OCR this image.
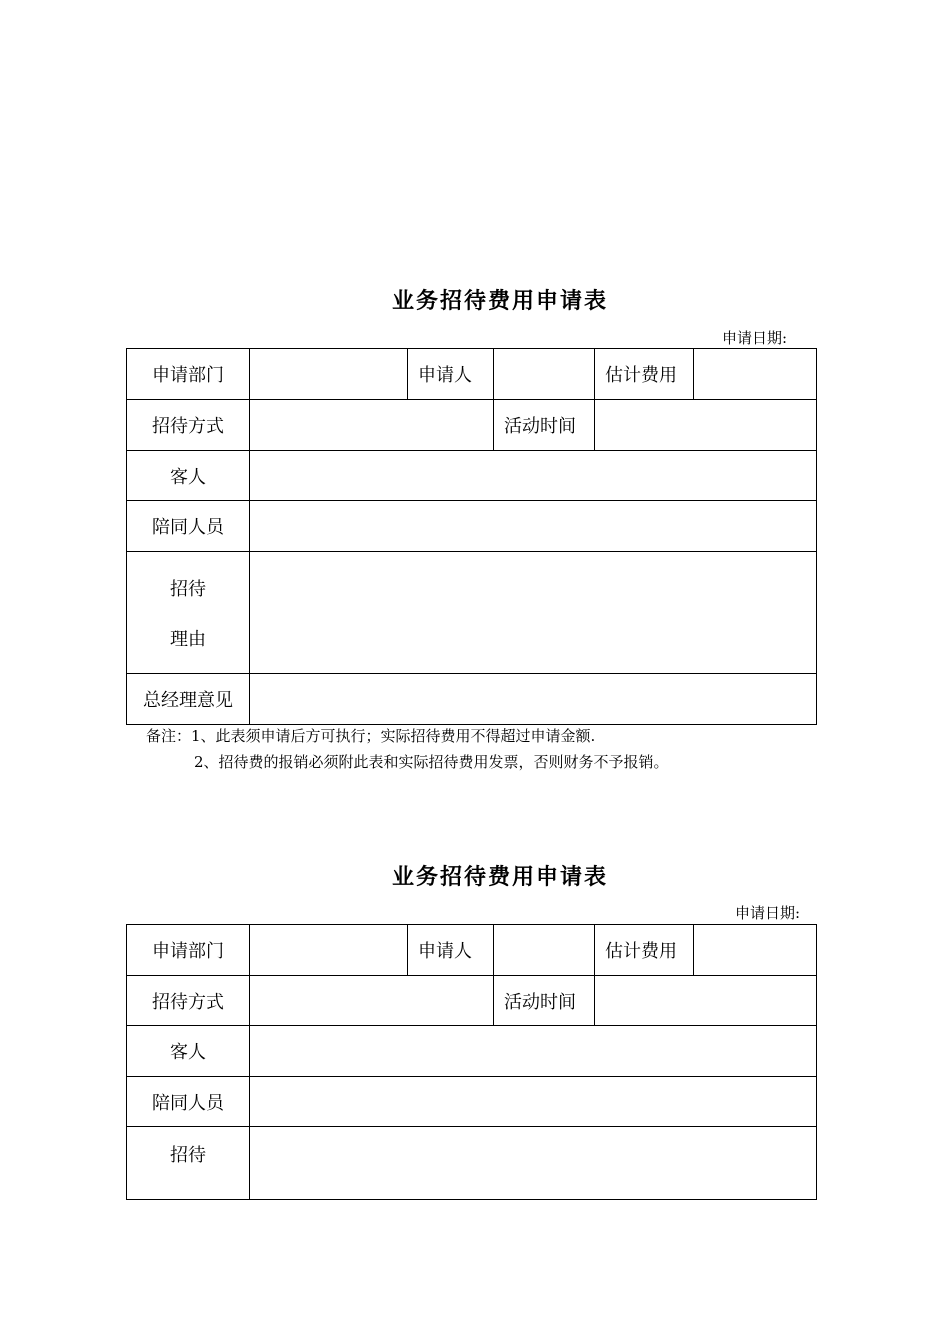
业务招待费用申请表
申请日期:
申请部门		申请人		估计费用	
招待方式			活动时间		
客人					
陪同人员					

招待
理由					

总经理意见					
备注：1、此表须申请后方可执行；实际招待费用不得超过申请金额.
2、招待费的报销必须附此表和实际招待费用发票，否则财务不予报销。
业务招待费用申请表
申请日期:
申请部门		申请人		估计费用	
招待方式			活动时间		
客人					
陪同人员					
招待					
